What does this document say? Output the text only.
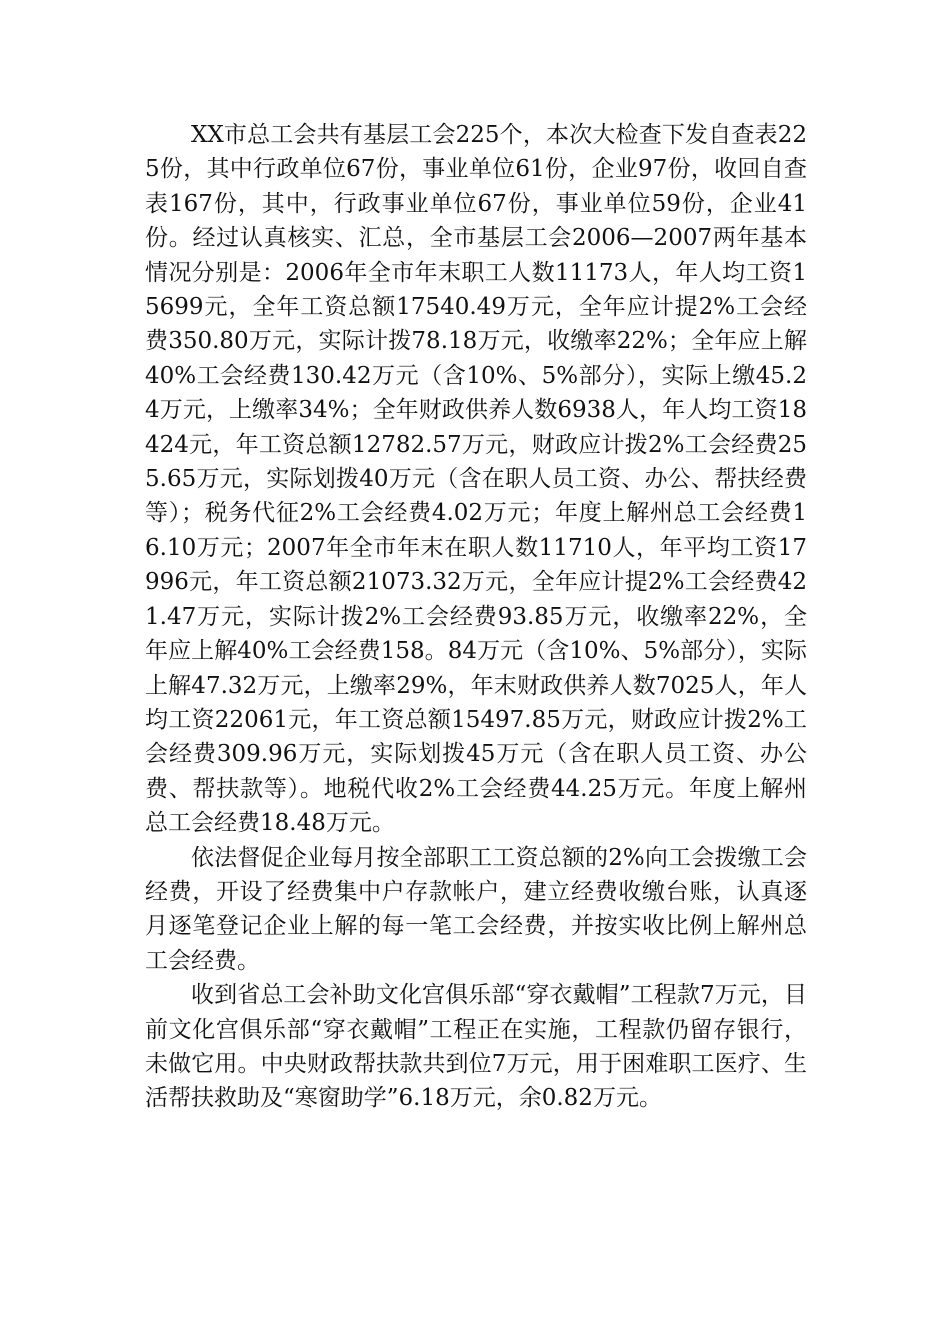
XX市总工会共有基层工会225个，本次大检查下发自查表225份，其中行政单位67份，事业单位61份，企业97份，收回自查表167份，其中，行政事业单位67份，事业单位59份，企业41份。经过认真核实、汇总，全市基层工会2006—2007两年基本情况分别是：2006年全市年末职工人数11173人，年人均工资15699元，全年工资总额17540.49万元，全年应计提2%工会经费350.80万元，实际计拨78.18万元，收缴率22%；全年应上解40%工会经费130.42万元（含10%、5%部分），实际上缴45.24万元，上缴率34%；全年财政供养人数6938人，年人均工资18424元，年工资总额12782.57万元，财政应计拨2%工会经费255.65万元，实际划拨40万元（含在职人员工资、办公、帮扶经费等）；税务代征2%工会经费4.02万元；年度上解州总工会经费16.10万元；2007年全市年末在职人数11710人，年平均工资17996元，年工资总额21073.32万元，全年应计提2%工会经费421.47万元，实际计拨2%工会经费93.85万元，收缴率22%，全年应上解40%工会经费158。84万元（含10%、5%部分），实际上解47.32万元，上缴率29%，年末财政供养人数7025人，年人均工资22061元，年工资总额15497.85万元，财政应计拨2%工会经费309.96万元，实际划拨45万元（含在职人员工资、办公费、帮扶款等）。地税代收2%工会经费44.25万元。年度上解州总工会经费18.48万元。

依法督促企业每月按全部职工工资总额的2%向工会拨缴工会经费，开设了经费集中户存款帐户，建立经费收缴台账，认真逐月逐笔登记企业上解的每一笔工会经费，并按实收比例上解州总工会经费。

收到省总工会补助文化宫俱乐部“穿衣戴帽”工程款7万元，目前文化宫俱乐部“穿衣戴帽”工程正在实施，工程款仍留存银行，未做它用。中央财政帮扶款共到位7万元，用于困难职工医疗、生活帮扶救助及“寒窗助学”6.18万元，余0.82万元。
